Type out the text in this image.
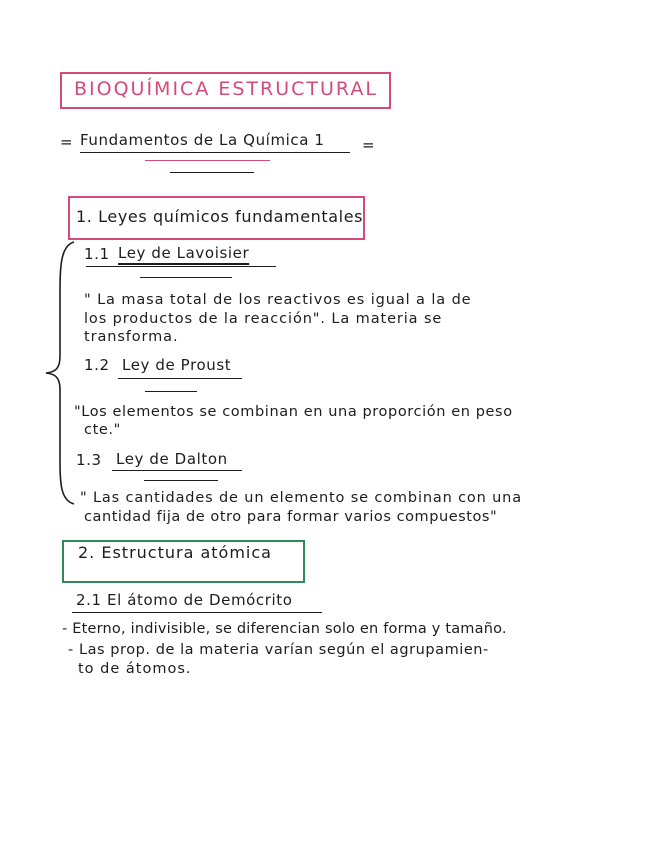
BIOQUÍMICA ESTRUCTURAL
= Fundamentos de La Química 1 =
1. Leyes químicos fundamentales
1.1 Ley de Lavoisier
" La masa total de los reactivos es igual a la de
los productos de la reacción". La materia se
transforma.
1.2 Ley de Proust
"Los elementos se combinan en una proporción en peso
cte."
1.3 Ley de Dalton
" Las cantidades de un elemento se combinan con una
cantidad fija de otro para formar varios compuestos"
2. Estructura atómica
2.1 El átomo de Demócrito
- Eterno, indivisible, se diferencian solo en forma y tamaño.
- Las prop. de la materia varían según el agrupamien-
to de átomos.
